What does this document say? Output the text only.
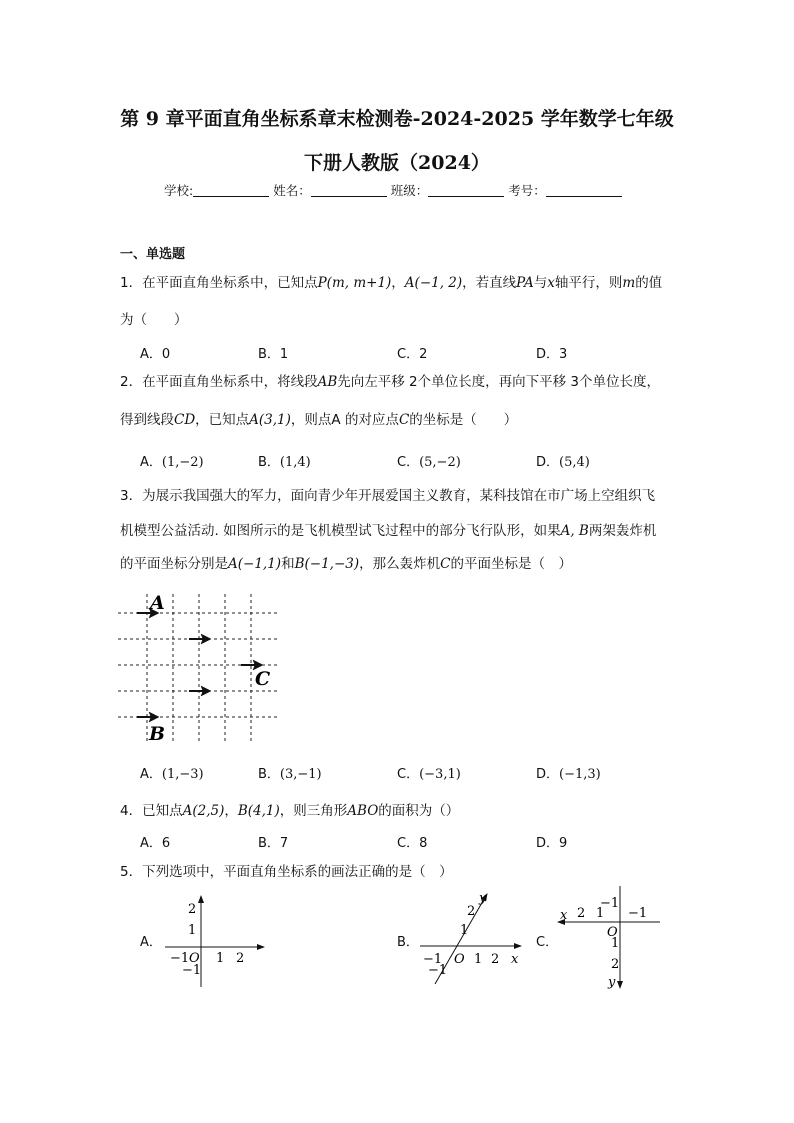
第 9 章平面直角坐标系章末检测卷-2024-2025 学年数学七年级
下册人教版（2024）
学校:	姓名：	班级：	考号：
一、单选题
1．在平面直角坐标系中，已知点P(m, m+1)，A(−1, 2)，若直线PA与x轴平行，则m的值
为（　　）
A．0	B．1	C．2	D．3
2．在平面直角坐标系中，将线段AB先向左平移 2个单位长度，再向下平移 3个单位长度，
得到线段CD，已知点A(3,1)，则点A 的对应点C的坐标是（　　）
A．(1,−2)	B．(1,4)	C．(5,−2)	D．(5,4)
3．为展示我国强大的军力，面向青少年开展爱国主义教育，某科技馆在市广场上空组织飞
机模型公益活动. 如图所示的是飞机模型试飞过程中的部分飞行队形，如果A, B两架轰炸机
的平面坐标分别是A(−1,1)和B(−1,−3)，那么轰炸机C的平面坐标是（　）
A
B
C
A．(1,−3)	B．(3,−1)	C．(−3,1)	D．(−1,3)
4．已知点A(2,5)，B(4,1)，则三角形ABO的面积为（）
A．6	B．7	C．8	D．9
5．下列选项中，平面直角坐标系的画法正确的是（　）
A．
2
1
−1 O 1 2
−1
B．
y
2
1
−1 O 1 2 x
−1
C．
x 2 1
−1
−1
O
1
2
y
